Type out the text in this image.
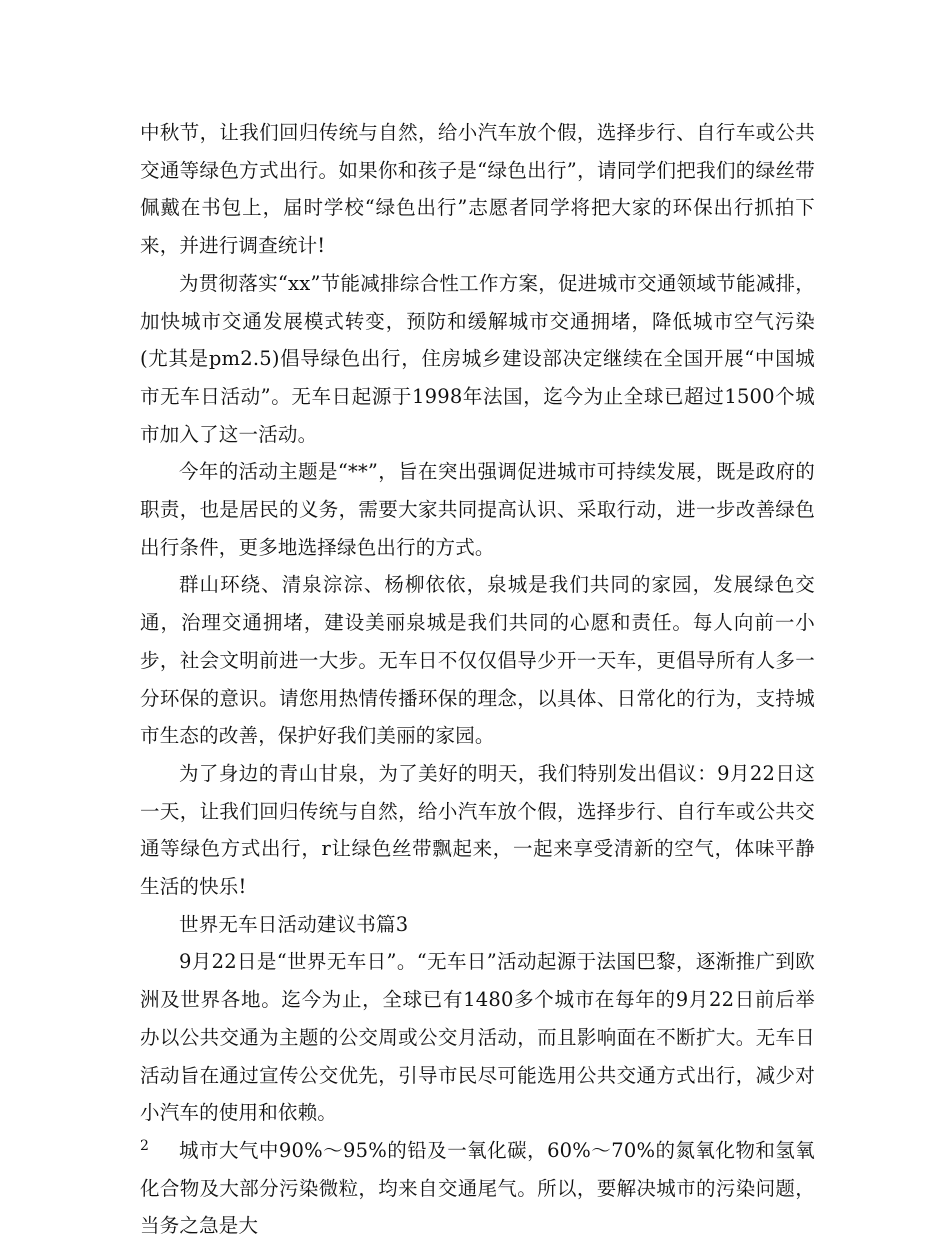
中秋节，让我们回归传统与自然，给小汽车放个假，选择步行、自行车或公共交通等绿色方式出行。如果你和孩子是“绿色出行”，请同学们把我们的绿丝带佩戴在书包上，届时学校“绿色出行”志愿者同学将把大家的环保出行抓拍下来，并进行调查统计!

为贯彻落实“xx”节能减排综合性工作方案，促进城市交通领域节能减排，加快城市交通发展模式转变，预防和缓解城市交通拥堵，降低城市空气污染(尤其是pm2.5)倡导绿色出行，住房城乡建设部决定继续在全国开展“中国城市无车日活动”。无车日起源于1998年法国，迄今为止全球已超过1500个城市加入了这一活动。

今年的活动主题是“**”，旨在突出强调促进城市可持续发展，既是政府的职责，也是居民的义务，需要大家共同提高认识、采取行动，进一步改善绿色出行条件，更多地选择绿色出行的方式。

群山环绕、清泉淙淙、杨柳依依，泉城是我们共同的家园，发展绿色交通，治理交通拥堵，建设美丽泉城是我们共同的心愿和责任。每人向前一小步，社会文明前进一大步。无车日不仅仅倡导少开一天车，更倡导所有人多一分环保的意识。请您用热情传播环保的理念，以具体、日常化的行为，支持城市生态的改善，保护好我们美丽的家园。

为了身边的青山甘泉，为了美好的明天，我们特别发出倡议：9月22日这一天，让我们回归传统与自然，给小汽车放个假，选择步行、自行车或公共交通等绿色方式出行，r让绿色丝带飘起来，一起来享受清新的空气，体味平静生活的快乐!

世界无车日活动建议书篇3

9月22日是“世界无车日”。“无车日”活动起源于法国巴黎，逐渐推广到欧洲及世界各地。迄今为止，全球已有1480多个城市在每年的9月22日前后举办以公共交通为主题的公交周或公交月活动，而且影响面在不断扩大。无车日活动旨在通过宣传公交优先，引导市民尽可能选用公共交通方式出行，减少对小汽车的使用和依赖。

城市大气中90%～95%的铅及一氧化碳，60%～70%的氮氧化物和氢氧化合物及大部分污染微粒，均来自交通尾气。所以，要解决城市的污染问题，当务之急是大

2
